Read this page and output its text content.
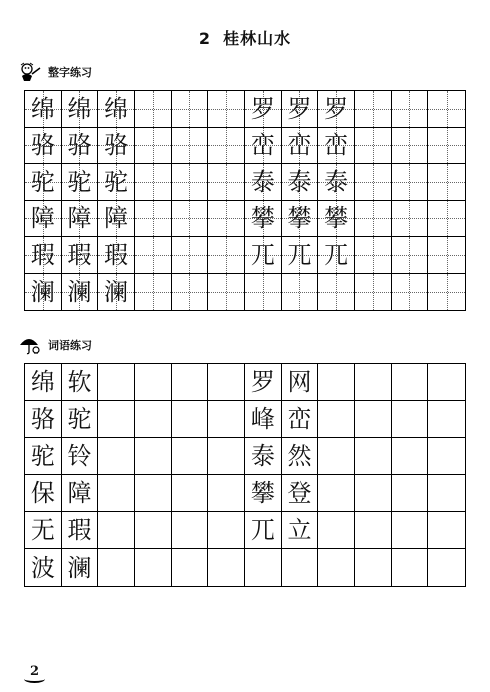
2 桂林山水
整字练习
绵 绵 绵	罗 罗 罗
骆 骆 骆	峦 峦 峦
驼 驼 驼	泰 泰 泰
障 障 障	攀 攀 攀
瑕 瑕 瑕	兀 兀 兀
澜 澜 澜
词语练习
绵 软	罗 网
骆 驼	峰 峦
驼 铃	泰 然
保 障	攀 登
无 瑕	兀 立
波 澜
2
